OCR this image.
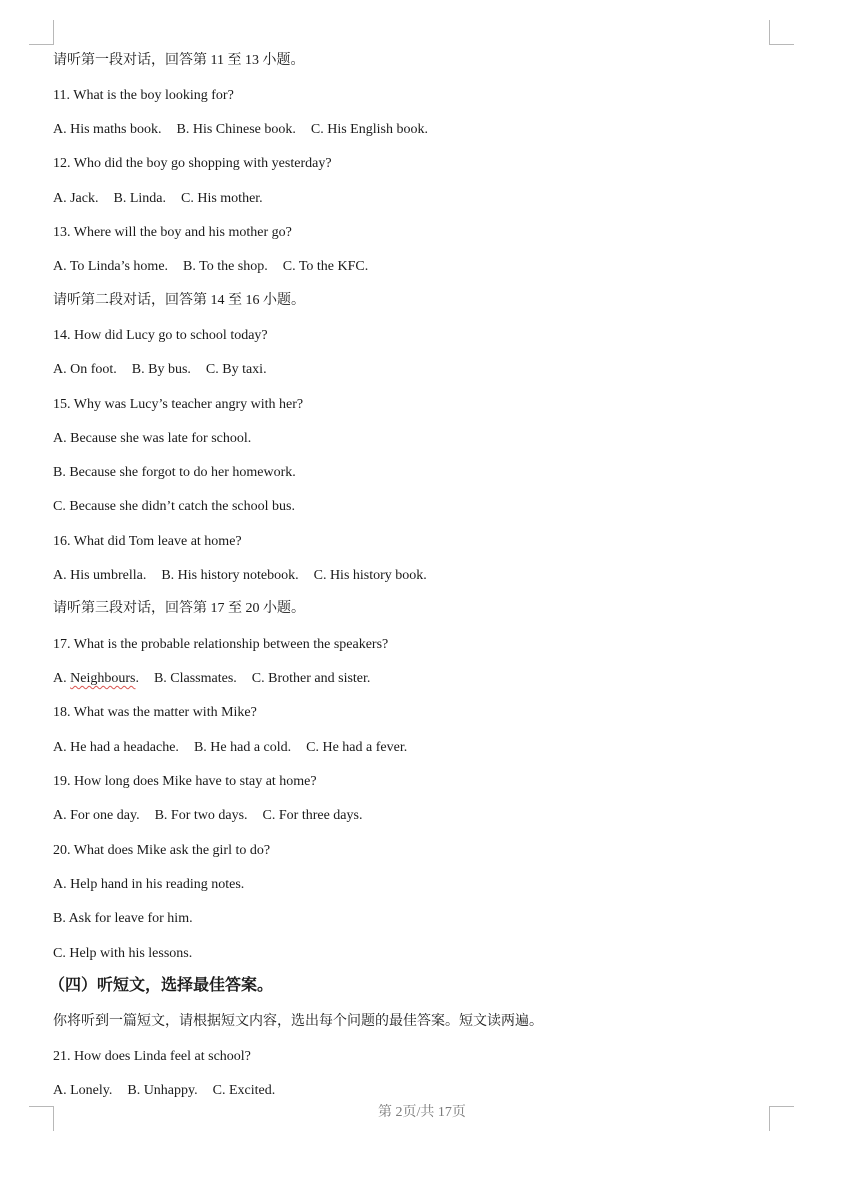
请听第一段对话，回答第 11 至 13 小题。
11. What is the boy looking for?
A. His maths book. B. His Chinese book. C. His English book.
12. Who did the boy go shopping with yesterday?
A. Jack. B. Linda. C. His mother.
13. Where will the boy and his mother go?
A. To Linda’s home. B. To the shop. C. To the KFC.
请听第二段对话，回答第 14 至 16 小题。
14. How did Lucy go to school today?
A. On foot. B. By bus. C. By taxi.
15. Why was Lucy’s teacher angry with her?
A. Because she was late for school.
B. Because she forgot to do her homework.
C. Because she didn’t catch the school bus.
16. What did Tom leave at home?
A. His umbrella. B. His history notebook. C. His history book.
请听第三段对话，回答第 17 至 20 小题。
17. What is the probable relationship between the speakers?
A. Neighbours. B. Classmates. C. Brother and sister.
18. What was the matter with Mike?
A. He had a headache. B. He had a cold. C. He had a fever.
19. How long does Mike have to stay at home?
A. For one day. B. For two days. C. For three days.
20. What does Mike ask the girl to do?
A. Help hand in his reading notes.
B. Ask for leave for him.
C. Help with his lessons.
（四）听短文，选择最佳答案。
你将听到一篇短文，请根据短文内容，选出每个问题的最佳答案。短文读两遍。
21. How does Linda feel at school?
A. Lonely. B. Unhappy. C. Excited.
第 2页/共 17页
